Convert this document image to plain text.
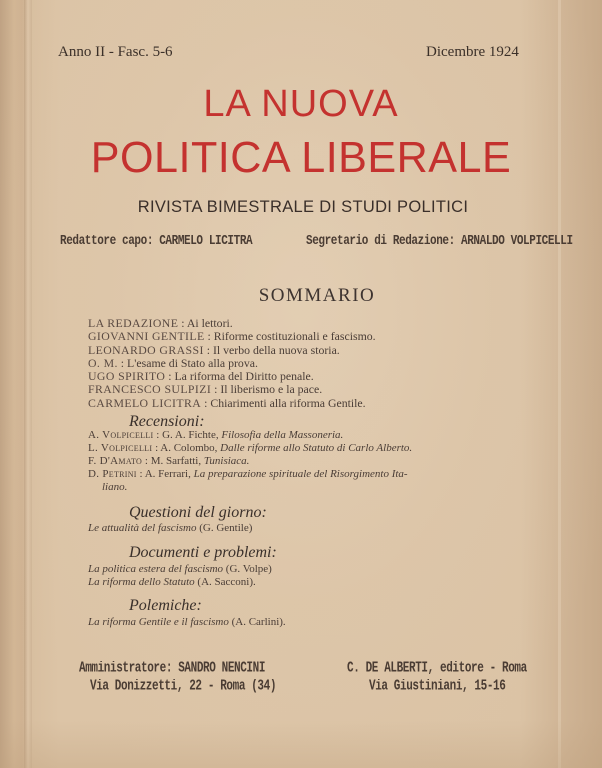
Anno II - Fasc. 5-6	Dicembre 1924
LA NUOVA
POLITICA LIBERALE
RIVISTA BIMESTRALE DI STUDI POLITICI
Redattore capo: CARMELO LICITRA	Segretario di Redazione: ARNALDO VOLPICELLI
SOMMARIO
LA REDAZIONE : Ai lettori.
GIOVANNI GENTILE : Riforme costituzionali e fascismo.
LEONARDO GRASSI : Il verbo della nuova storia.
O. M. : L'esame di Stato alla prova.
UGO SPIRITO : La riforma del Diritto penale.
FRANCESCO SULPIZI : Il liberismo e la pace.
CARMELO LICITRA : Chiarimenti alla riforma Gentile.
Recensioni:
A. Volpicelli : G. A. Fichte, Filosofia della Massoneria.
L. Volpicelli : A. Colombo, Dalle riforme allo Statuto di Carlo Alberto.
F. D'Amato : M. Sarfatti, Tunisiaca.
D. Petrini : A. Ferrari, La preparazione spirituale del Risorgimento Ita-
liano.
Questioni del giorno:
Le attualità del fascismo (G. Gentile)
Documenti e problemi:
La politica estera del fascismo (G. Volpe)
La riforma dello Statuto (A. Sacconi).
Polemiche:
La riforma Gentile e il fascismo (A. Carlini).
Amministratore: SANDRO NENCINI
Via Donizzetti, 22 - Roma (34)
C. DE ALBERTI, editore - Roma
Via Giustiniani, 15-16
